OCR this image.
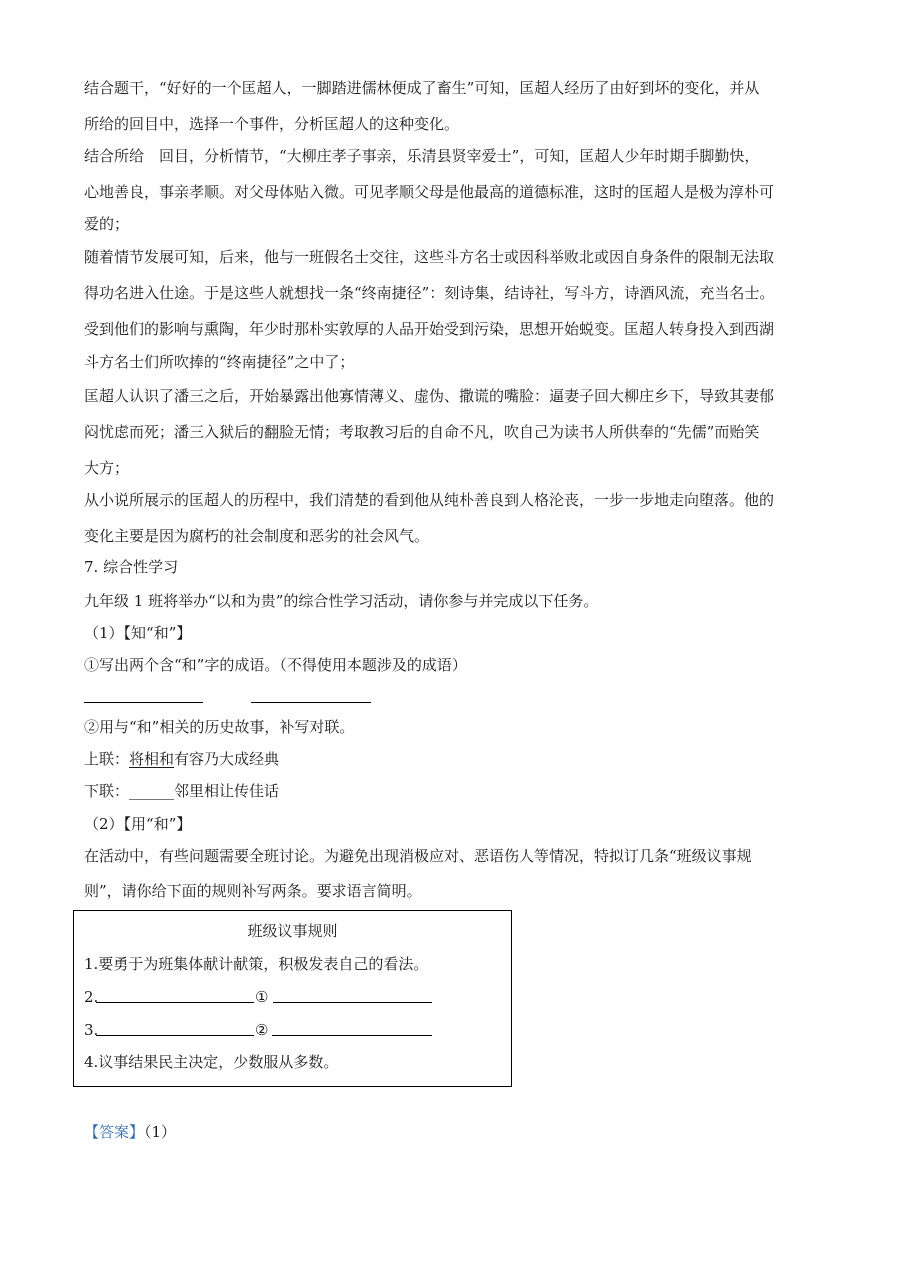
结合题干，“好好的一个匡超人，一脚踏进儒林便成了畜生”可知，匡超人经历了由好到坏的变化，并从
所给的回目中，选择一个事件，分析匡超人的这种变化。
结合所给　回目，分析情节，“大柳庄孝子事亲，乐清县贤宰爱士”，可知，匡超人少年时期手脚勤快，
心地善良，事亲孝顺。对父母体贴入微。可见孝顺父母是他最高的道德标准，这时的匡超人是极为淳朴可
爱的；
随着情节发展可知，后来，他与一班假名士交往，这些斗方名士或因科举败北或因自身条件的限制无法取
得功名进入仕途。于是这些人就想找一条“终南捷径”：刻诗集，结诗社，写斗方，诗酒风流，充当名士。
受到他们的影响与熏陶，年少时那朴实敦厚的人品开始受到污染，思想开始蜕变。匡超人转身投入到西湖
斗方名士们所吹捧的“终南捷径”之中了；
匡超人认识了潘三之后，开始暴露出他寡情薄义、虚伪、撒谎的嘴脸：逼妻子回大柳庄乡下，导致其妻郁
闷忧虑而死；潘三入狱后的翻脸无情；考取教习后的自命不凡，吹自己为读书人所供奉的“先儒”而贻笑
大方；
从小说所展示的匡超人的历程中，我们清楚的看到他从纯朴善良到人格沦丧，一步一步地走向堕落。他的
变化主要是因为腐朽的社会制度和恶劣的社会风气。
7. 综合性学习
九年级 1 班将举办“以和为贵”的综合性学习活动，请你参与并完成以下任务。
（1）【知“和”】
①写出两个含“和”字的成语。（不得使用本题涉及的成语）
②用与“和”相关的历史故事，补写对联。
上联：将相和有容乃大成经典
下联：______邻里相让传佳话
（2）【用“和”】
在活动中，有些问题需要全班讨论。为避免出现消极应对、恶语伤人等情况，特拟订几条“班级议事规
则”，请你给下面的规则补写两条。要求语言简明。
班级议事规则
1.要勇于为班集体献计献策，积极发表自己的看法。
2.	①
3.	②
4.议事结果民主决定，少数服从多数。
【答案】（1）
